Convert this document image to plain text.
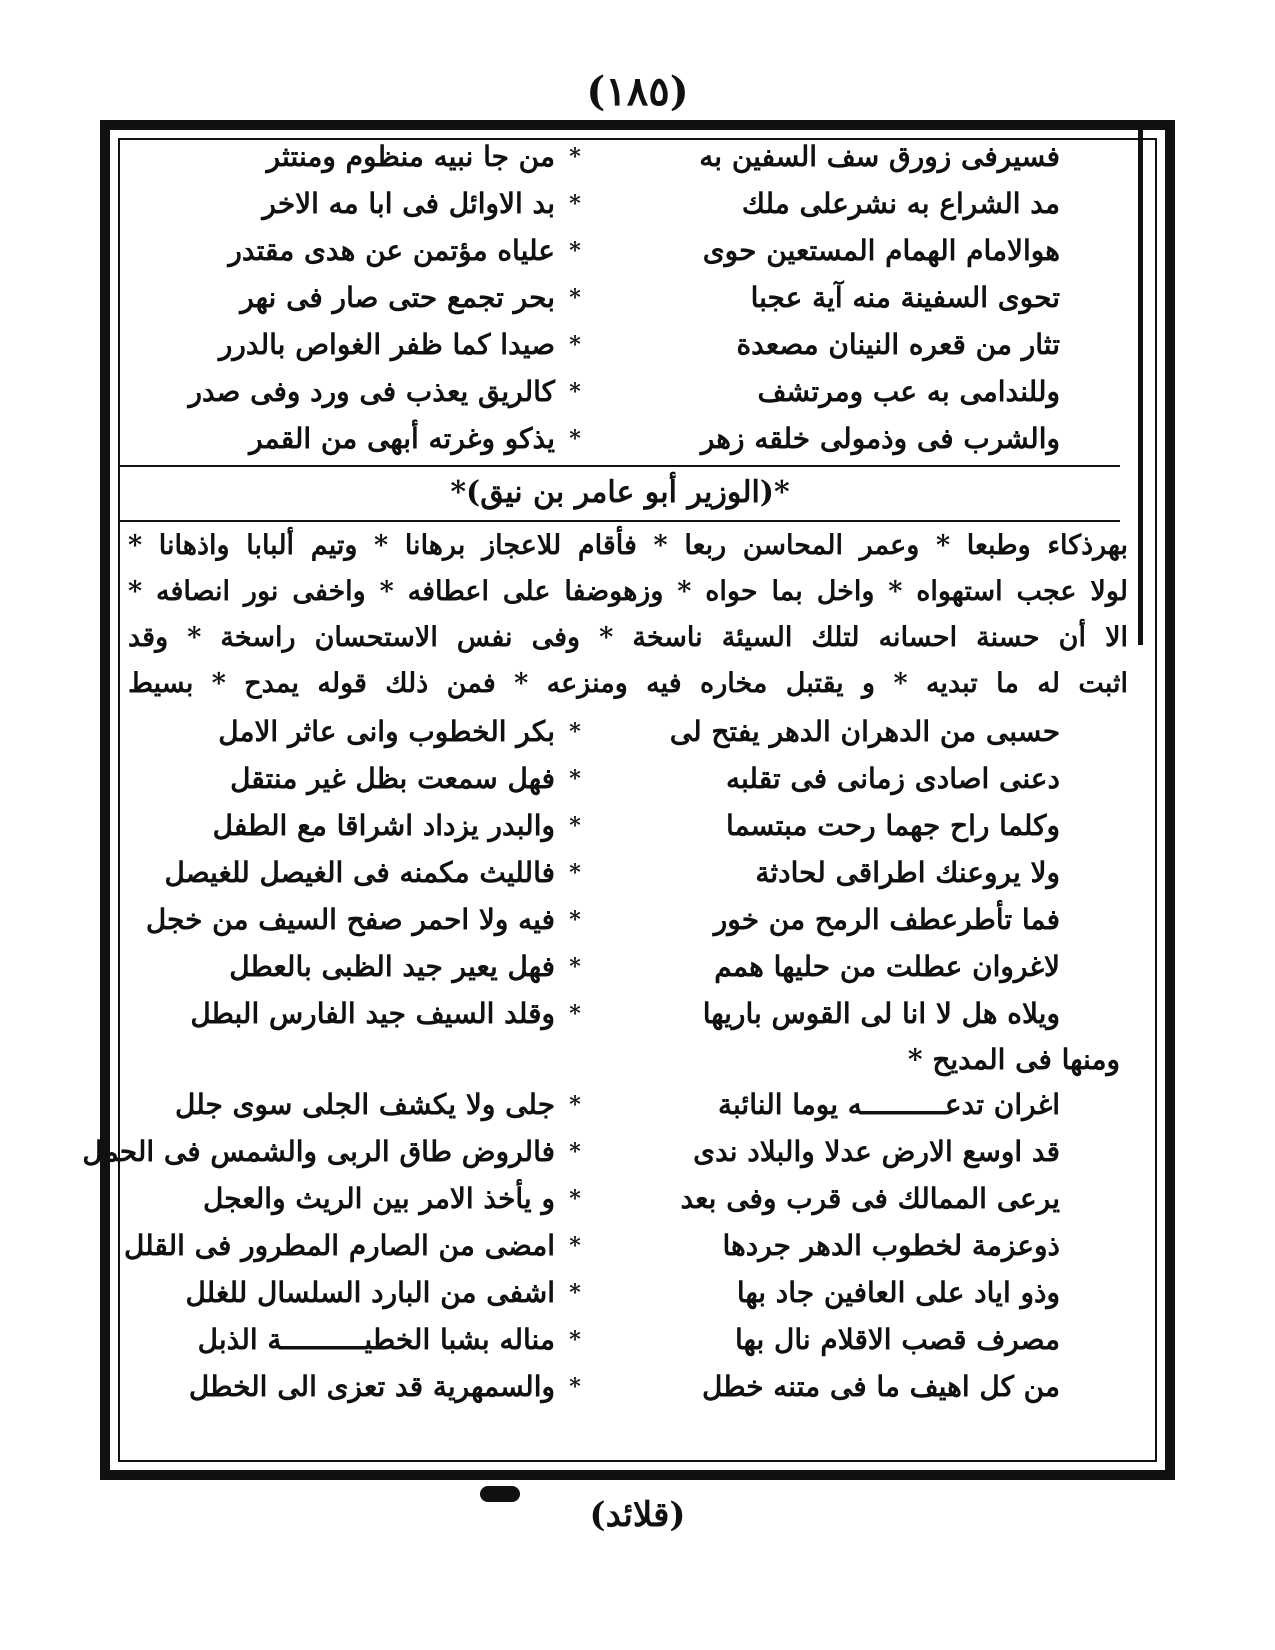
(١٨٥)
فسيرفى زورق سف السفين به
*
من جا نبيه منظوم ومنتثر
مد الشراع به نشرعلى ملك
*
بد الاوائل فى ابا مه الاخر
هوالامام الهمام المستعين حوى
*
علياه مؤتمن عن هدى مقتدر
تحوى السفينة منه آية عجبا
*
بحر تجمع حتى صار فى نهر
تثار من قعره النينان مصعدة
*
صيدا كما ظفر الغواص بالدرر
وللندامى به عب ومرتشف
*
كالريق يعذب فى ورد وفى صدر
والشرب فى وذمولى خلقه زهر
*
يذكو وغرته أبهى من القمر
*(الوزير أبو عامر بن نيق)*
بهرذكاء وطبعا * وعمر المحاسن ربعا * فأقام للاعجاز برهانا * وتيم ألبابا واذهانا *
لولا عجب استهواه * واخل بما حواه * وزهوضفا على اعطافه * واخفى نور انصافه *
الا أن حسنة احسانه لتلك السيئة ناسخة * وفى نفس الاستحسان راسخة * وقد
اثبت له ما تبديه * و يقتبل مخاره فيه ومنزعه * فمن ذلك قوله يمدح * بسيط
حسبى من الدهران الدهر يفتح لى
*
بكر الخطوب وانى عاثر الامل
دعنى اصادى زمانى فى تقلبه
*
فهل سمعت بظل غير منتقل
وكلما راح جهما رحت مبتسما
*
والبدر يزداد اشراقا مع الطفل
ولا يروعنك اطراقى لحادثة
*
فالليث مكمنه فى الغيصل للغيصل
فما تأطرعطف الرمح من خور
*
فيه ولا احمر صفح السيف من خجل
لاغروان عطلت من حليها همم
*
فهل يعير جيد الظبى بالعطل
ويلاه هل لا انا لى القوس باريها
*
وقلد السيف جيد الفارس البطل
ومنها فى المديح *
اغران تدعــــــــــه يوما النائبة
*
جلى ولا يكشف الجلى سوى جلل
قد اوسع الارض عدلا والبلاد ندى
*
فالروض طاق الربى والشمس فى الحمل
يرعى الممالك فى قرب وفى بعد
*
و يأخذ الامر بين الريث والعجل
ذوعزمة لخطوب الدهر جردها
*
امضى من الصارم المطرور فى القلل
وذو اياد على العافين جاد بها
*
اشفى من البارد السلسال للغلل
مصرف قصب الاقلام نال بها
*
مناله بشبا الخطيــــــــــة الذبل
من كل اهيف ما فى متنه خطل
*
والسمهرية قد تعزى الى الخطل
(قلائد)
